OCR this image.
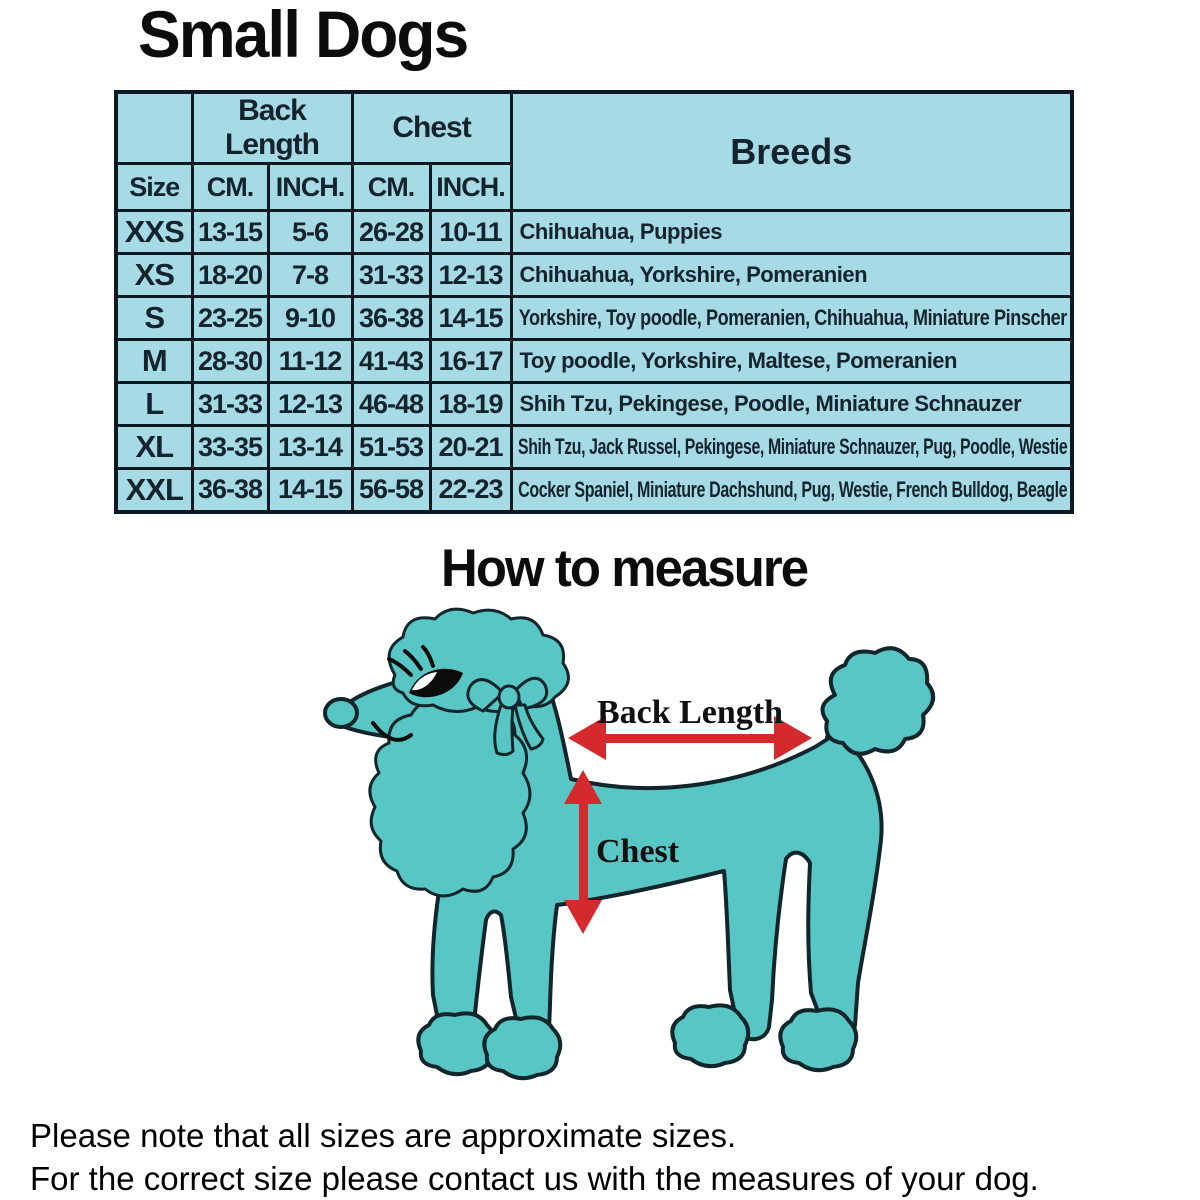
Small Dogs
	Back Length		Chest		Breeds
Size	CM.	INCH.	CM.	INCH.	
XXS	13-15	5-6	26-28	10-11	Chihuahua, Puppies
XS	18-20	7-8	31-33	12-13	Chihuahua, Yorkshire, Pomeranien
S	23-25	9-10	36-38	14-15	Yorkshire, Toy poodle, Pomeranien, Chihuahua, Miniature Pinscher
M	28-30	11-12	41-43	16-17	Toy poodle, Yorkshire, Maltese, Pomeranien
L	31-33	12-13	46-48	18-19	Shih Tzu, Pekingese, Poodle, Miniature Schnauzer
XL	33-35	13-14	51-53	20-21	Shih Tzu, Jack Russel, Pekingese, Miniature Schnauzer, Pug, Poodle, Westie
XXL	36-38	14-15	56-58	22-23	Cocker Spaniel, Miniature Dachshund, Pug, Westie, French Bulldog, Beagle
How to measure
Back Length
Chest
Please note that all sizes are approximate sizes.
For the correct size please contact us with the measures of your dog.
